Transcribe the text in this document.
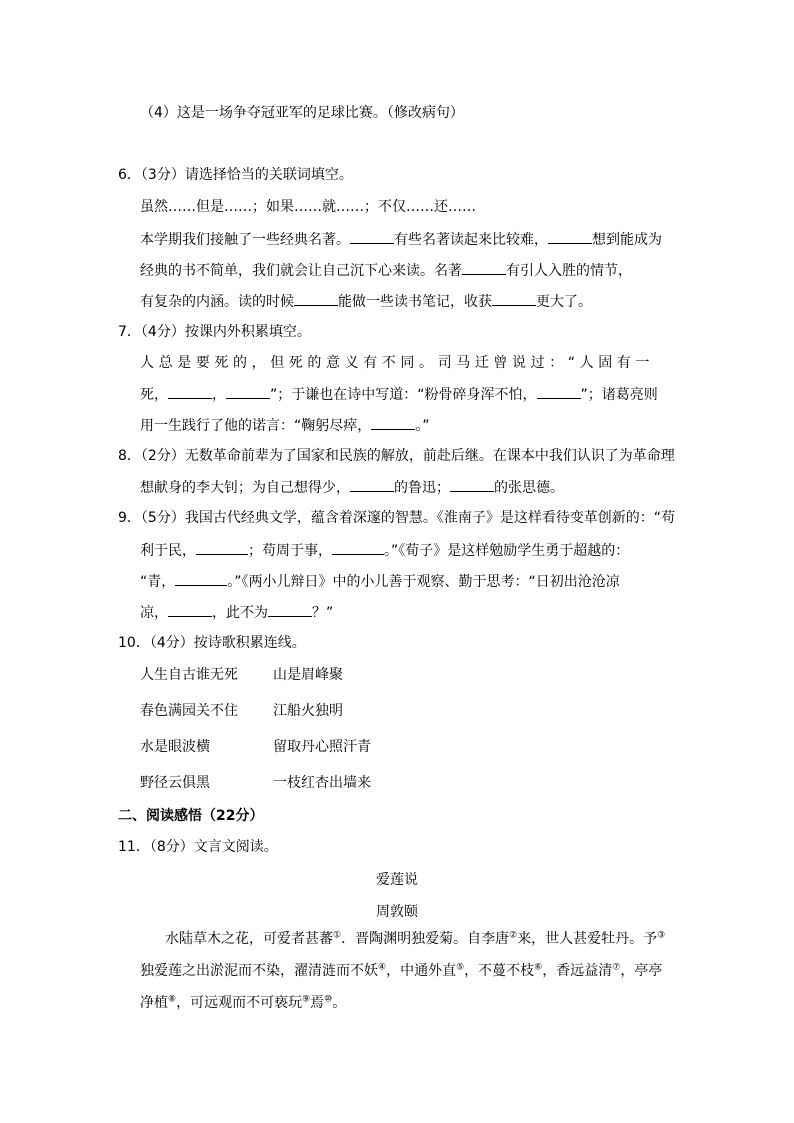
（4）这是一场争夺冠亚军的足球比赛。（修改病句）
6．（3分）请选择恰当的关联词填空。
虽然……但是……；如果……就……；不仅……还……
本学期我们接触了一些经典名著。	有些名著读起来比较难，	想到能成为
经典的书不简单，我们就会让自己沉下心来读。名著	有引人入胜的情节，
有复杂的内涵。读的时候	能做一些读书笔记，收获	更大了。
7．（4分）按课内外积累填空。
人总是要死的，但死的意义有不同。司马迁曾说过：“人固有一
死，	，	”；于谦也在诗中写道：“粉骨碎身浑不怕，	”；诸葛亮则
用一生践行了他的诺言：“鞠躬尽瘁，	。”
8．（2分）无数革命前辈为了国家和民族的解放，前赴后继。在课本中我们认识了为革命理
想献身的李大钊；为自己想得少，	的鲁迅；	的张思德。
9．（5分）我国古代经典文学，蕴含着深邃的智慧。《淮南子》是这样看待变革创新的：“苟
利于民，	；苟周于事，	。”《荀子》是这样勉励学生勇于超越的：
“青，	。”《两小儿辩日》中的小儿善于观察、勤于思考：“日初出沧沧凉
凉，	，此不为	？”
10．（4分）按诗歌积累连线。
人生自古谁无死	山是眉峰聚
春色满园关不住	江船火独明
水是眼波横	留取丹心照汗青
野径云俱黑	一枝红杏出墙来
二、阅读感悟（22分）
11．（8分）文言文阅读。
爱莲说
周敦颐
水陆草木之花，可爱者甚蕃①．晋陶渊明独爱菊。自李唐②来，世人甚爱牡丹。予③
独爱莲之出淤泥而不染，濯清涟而不妖④，中通外直⑤，不蔓不枝⑥，香远益清⑦，亭亭
净植⑧，可远观而不可亵玩⑨焉⑩。
